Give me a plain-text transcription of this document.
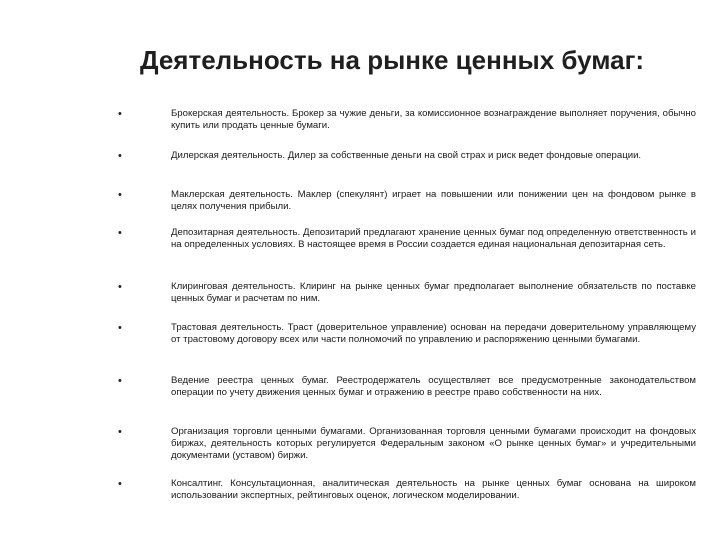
Деятельность на рынке ценных бумаг:
•	Брокерская деятельность. Брокер за чужие деньги, за комиссионное вознаграждение выполняет поручения, обычно купить или продать ценные бумаги.
•	Дилерская деятельность. Дилер за собственные деньги на свой страх и риск ведет фондовые операции.
•	Маклерская деятельность. Маклер (спекулянт) играет на повышении или понижении цен на фондовом рынке в целях получения прибыли.
•	Депозитарная деятельность. Депозитарий предлагают хранение ценных бумаг под определенную ответственность и на определенных условиях. В настоящее время в России создается единая национальная депозитарная сеть.
•	Клиринговая деятельность. Клиринг на рынке ценных бумаг предполагает выполнение обязательств по поставке ценных бумаг и расчетам по ним.
•	Трастовая деятельность. Траст (доверительное управление) основан на передачи доверительному управляющему от трастовому договору всех или части полномочий по управлению и распоряжению ценными бумагами.
•	Ведение реестра ценных бумаг. Реестродержатель осуществляет все предусмотренные законодательством операции по учету движения ценных бумаг и отражению в реестре право собственности на них.
•	Организация торговли ценными бумагами. Организованная торговля ценными бумагами происходит на фондовых биржах, деятельность которых регулируется Федеральным законом «О рынке ценных бумаг» и учредительными документами (уставом) биржи.
•	Консалтинг. Консультационная, аналитическая деятельность на рынке ценных бумаг основана на широком использовании экспертных, рейтинговых оценок, логическом моделировании.
